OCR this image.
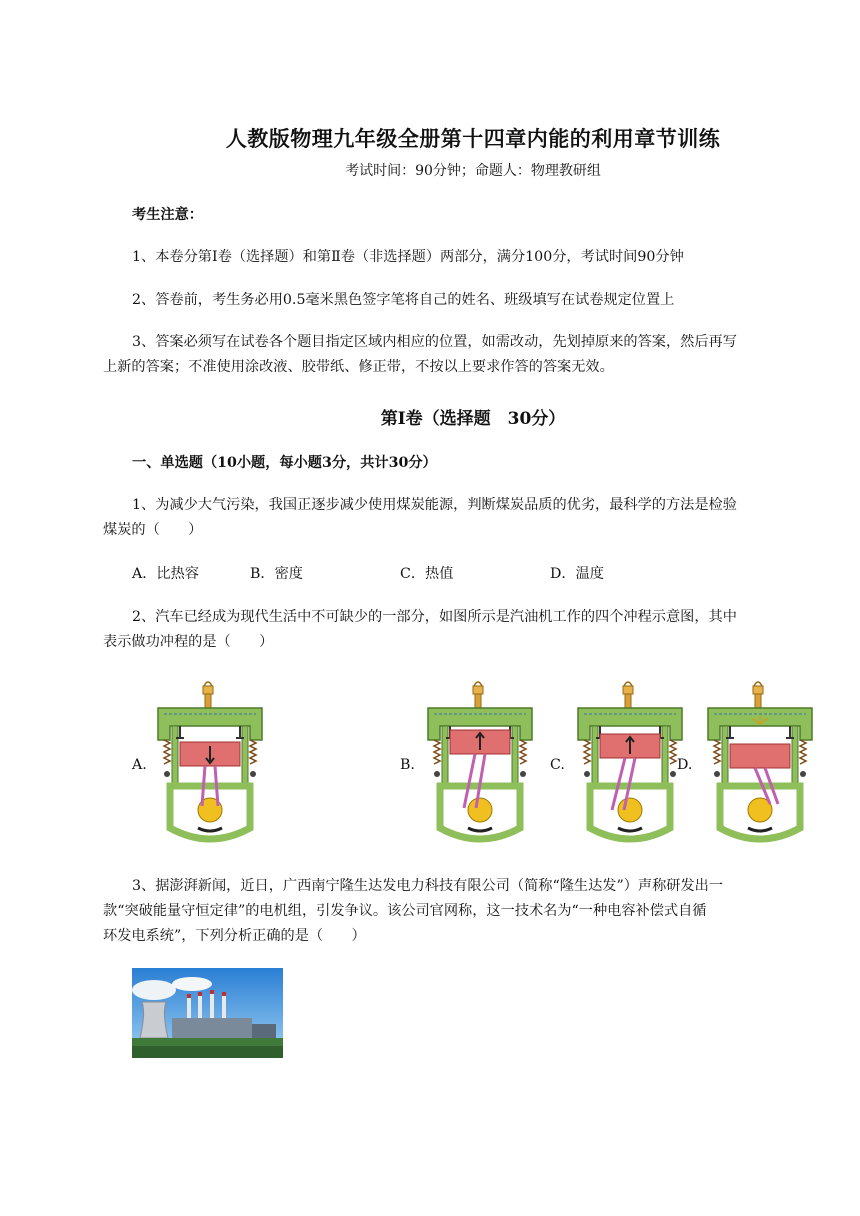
人教版物理九年级全册第十四章内能的利用章节训练
考试时间：90分钟；命题人：物理教研组
考生注意：
1、本卷分第Ⅰ卷（选择题）和第Ⅱ卷（非选择题）两部分，满分100分，考试时间90分钟
2、答卷前，考生务必用0.5毫米黑色签字笔将自己的姓名、班级填写在试卷规定位置上
3、答案必须写在试卷各个题目指定区域内相应的位置，如需改动，先划掉原来的答案，然后再写
上新的答案；不准使用涂改液、胶带纸、修正带，不按以上要求作答的答案无效。
第Ⅰ卷（选择题　30分）
一、单选题（10小题，每小题3分，共计30分）
1、为减少大气污染，我国正逐步减少使用煤炭能源，判断煤炭品质的优劣，最科学的方法是检验
煤炭的（　　）
A．比热容	B．密度	C．热值	D．温度
2、汽车已经成为现代生活中不可缺少的一部分，如图所示是汽油机工作的四个冲程示意图，其中
表示做功冲程的是（　　）
A.	B.	C.	D.
3、据澎湃新闻，近日，广西南宁隆生达发电力科技有限公司（简称“隆生达发”）声称研发出一
款“突破能量守恒定律”的电机组，引发争议。该公司官网称，这一技术名为“一种电容补偿式自循
环发电系统”，下列分析正确的是（　　）
